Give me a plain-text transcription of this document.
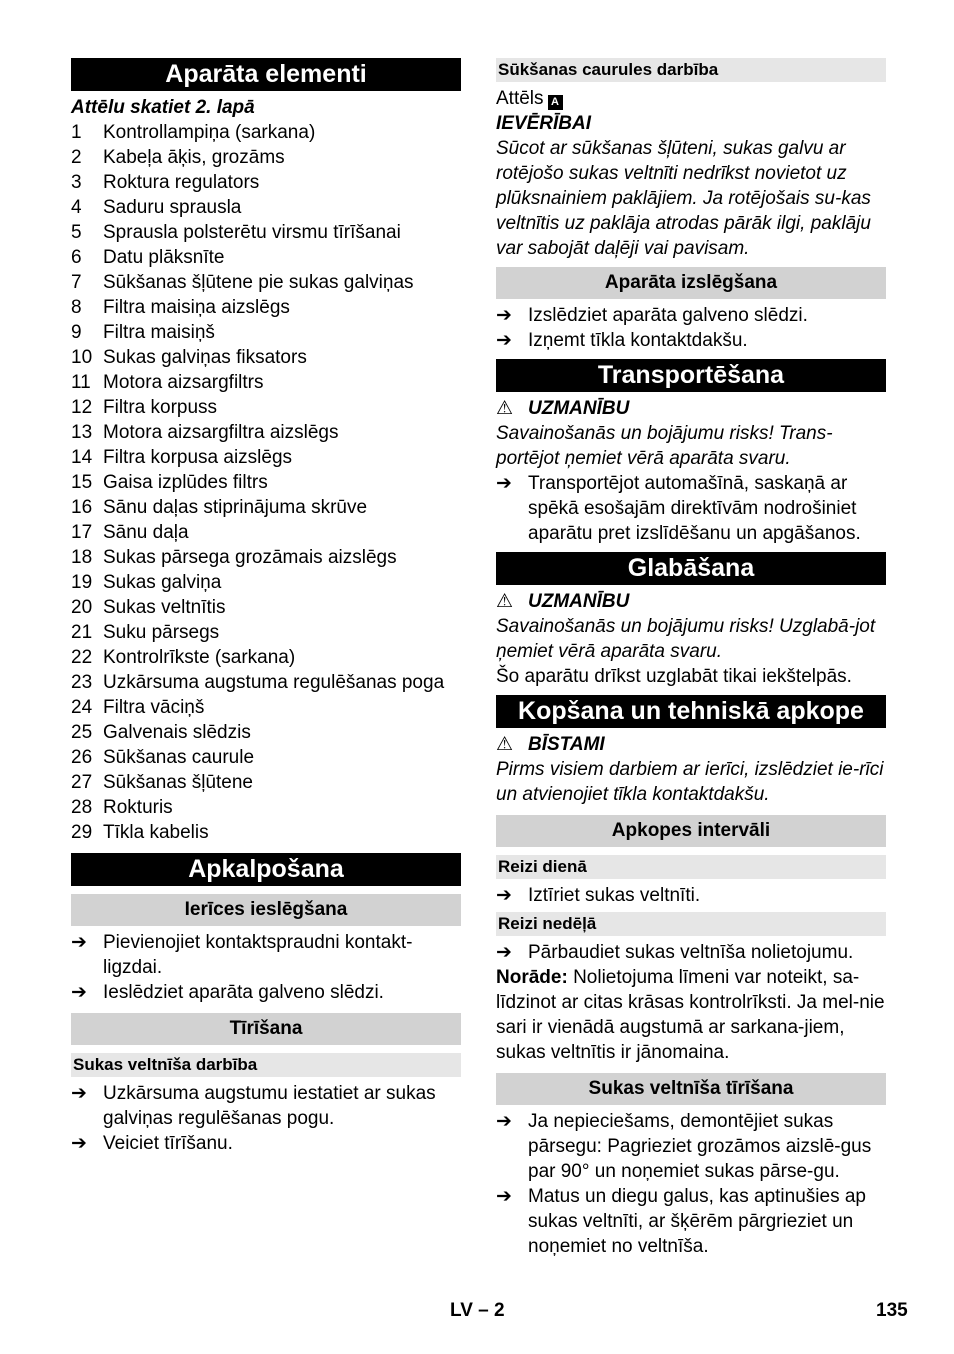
Aparāta elementi
Attēlu skatiet 2. lapā
1	Kontrollampiņa (sarkana)
2	Kabeļa āķis, grozāms
3	Roktura regulators
4	Saduru sprausla
5	Sprausla polsterētu virsmu tīrīšanai
6	Datu plāksnīte
7	Sūkšanas šļūtene pie sukas galviņas
8	Filtra maisiņa aizslēgs
9	Filtra maisiņš
10 Sukas galviņas fiksators
11 Motora aizsargfiltrs
12 Filtra korpuss
13 Motora aizsargfiltra aizslēgs
14 Filtra korpusa aizslēgs
15 Gaisa izplūdes filtrs
16 Sānu daļas stiprinājuma skrūve
17 Sānu daļa
18 Sukas pārsega grozāmais aizslēgs
19 Sukas galviņa
20 Sukas veltnītis
21 Suku pārsegs
22 Kontrolrīkste (sarkana)
23 Uzkārsuma augstuma regulēšanas poga
24 Filtra vāciņš
25 Galvenais slēdzis
26 Sūkšanas caurule
27 Sūkšanas šļūtene
28 Rokturis
29 Tīkla kabelis
Apkalpošana
Ierīces ieslēgšana
➔ Pievienojiet kontaktspraudni kontakt-ligzdai.
➔ Ieslēdziet aparāta galveno slēdzi.
Tīrīšana
Sukas veltnīša darbība
➔ Uzkārsuma augstumu iestatiet ar sukas galviņas regulēšanas pogu.
➔ Veiciet tīrīšanu.
Sūkšanas caurules darbība
Attēls A
IEVĒRĪBAI
Sūcot ar sūkšanas šļūteni, sukas galvu ar rotējošo sukas veltnīti nedrīkst novietot uz plūksnainiem paklājiem. Ja rotējošais su-kas veltnītis uz paklāja atrodas pārāk ilgi, paklāju var sabojāt daļēji vai pavisam.
Aparāta izslēgšana
➔ Izslēdziet aparāta galveno slēdzi.
➔ Izņemt tīkla kontaktdakšu.
Transportēšana
⚠ UZMANĪBU
Savainošanās un bojājumu risks! Trans-portējot ņemiet vērā aparāta svaru.
➔ Transportējot automašīnā, saskaņā ar spēkā esošajām direktīvām nodrošiniet aparātu pret izslīdēšanu un apgāšanos.
Glabāšana
⚠ UZMANĪBU
Savainošanās un bojājumu risks! Uzglabā-jot ņemiet vērā aparāta svaru.
Šo aparātu drīkst uzglabāt tikai iekštelpās.
Kopšana un tehniskā apkope
⚠ BĪSTAMI
Pirms visiem darbiem ar ierīci, izslēdziet ie-rīci un atvienojiet tīkla kontaktdakšu.
Apkopes intervāli
Reizi dienā
➔ Iztīriet sukas veltnīti.
Reizi nedēļā
➔ Pārbaudiet sukas veltnīša nolietojumu.
Norāde: Nolietojuma līmeni var noteikt, sa-līdzinot ar citas krāsas kontrolrīksti. Ja mel-nie sari ir vienādā augstumā ar sarkana-jiem, sukas veltnītis ir jānomaina.
Sukas veltnīša tīrīšana
➔ Ja nepieciešams, demontējiet sukas pārsegu: Pagrieziet grozāmos aizslē-gus par 90° un noņemiet sukas pārse-gu.
➔ Matus un diegu galus, kas aptinušies ap sukas veltnīti, ar šķērēm pārgrieziet un noņemiet no veltnīša.
LV – 2	135
